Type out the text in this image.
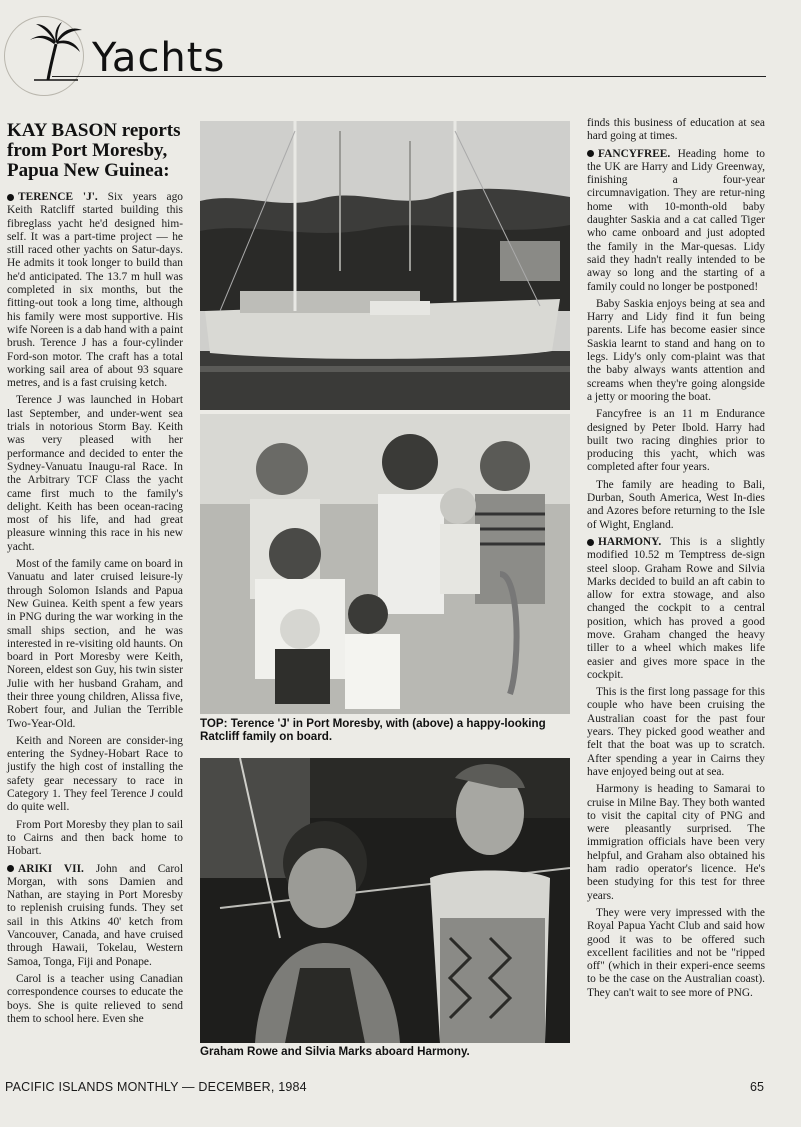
Yachts
KAY BASON reports from Port Moresby, Papua New Guinea:

TERENCE 'J'. Six years ago Keith Ratcliff started building this fibreglass yacht he'd designed him-self. It was a part-time project — he still raced other yachts on Satur-days. He admits it took longer to build than he'd anticipated. The 13.7 m hull was completed in six months, but the fitting-out took a long time, although his family were most supportive. His wife Noreen is a dab hand with a paint brush. Terence J has a four-cylinder Ford-son motor. The craft has a total working sail area of about 93 square metres, and is a fast cruising ketch.

Terence J was launched in Hobart last September, and under-went sea trials in notorious Storm Bay. Keith was very pleased with her performance and decided to enter the Sydney-Vanuatu Inaugu-ral Race. In the Arbitrary TCF Class the yacht came first much to the family's delight. Keith has been ocean-racing most of his life, and had great pleasure winning this race in his new yacht.

Most of the family came on board in Vanuatu and later cruised leisure-ly through Solomon Islands and Papua New Guinea. Keith spent a few years in PNG during the war working in the small ships section, and he was interested in re-visiting old haunts. On board in Port Moresby were Keith, Noreen, eldest son Guy, his twin sister Julie with her husband Graham, and their three young children, Alissa five, Robert four, and Julian the Terrible Two-Year-Old.

Keith and Noreen are consider-ing entering the Sydney-Hobart Race to justify the high cost of installing the safety gear necessary to race in Category 1. They feel Terence J could do quite well.

From Port Moresby they plan to sail to Cairns and then back home to Hobart.

ARIKI VII. John and Carol Morgan, with sons Damien and Nathan, are staying in Port Moresby to replenish cruising funds. They set sail in this Atkins 40' ketch from Vancouver, Canada, and have cruised through Hawaii, Tokelau, Western Samoa, Tonga, Fiji and Ponape.

Carol is a teacher using Canadian correspondence courses to educate the boys. She is quite relieved to send them to school here. Even she

TOP: Terence 'J' in Port Moresby, with (above) a happy-looking Ratcliff family on board.
Graham Rowe and Silvia Marks aboard Harmony.

finds this business of education at sea hard going at times.

FANCYFREE. Heading home to the UK are Harry and Lidy Greenway, finishing a four-year circumnavigation. They are retur-ning home with 10-month-old baby daughter Saskia and a cat called Tiger who came onboard and just adopted the family in the Mar-quesas. Lidy said they hadn't really intended to be away so long and the starting of a family could no longer be postponed!

Baby Saskia enjoys being at sea and Harry and Lidy find it fun being parents. Life has become easier since Saskia learnt to stand and hang on to legs. Lidy's only com-plaint was that the baby always wants attention and screams when they're going alongside a jetty or mooring the boat.

Fancyfree is an 11 m Endurance designed by Peter Ibold. Harry had built two racing dinghies prior to producing this yacht, which was completed after four years.

The family are heading to Bali, Durban, South America, West In-dies and Azores before returning to the Isle of Wight, England.

HARMONY. This is a slightly modified 10.52 m Temptress de-sign steel sloop. Graham Rowe and Silvia Marks decided to build an aft cabin to allow for extra stowage, and also changed the cockpit to a central position, which has proved a good move. Graham changed the heavy tiller to a wheel which makes life easier and gives more space in the cockpit.

This is the first long passage for this couple who have been cruising the Australian coast for the past four years. They picked good weather and felt that the boat was up to scratch. After spending a year in Cairns they have enjoyed being out at sea.

Harmony is heading to Samarai to cruise in Milne Bay. They both wanted to visit the capital city of PNG and were pleasantly surprised. The immigration officials have been very helpful, and Graham also obtained his ham radio operator's licence. He's been studying for this test for three years.

They were very impressed with the Royal Papua Yacht Club and said how good it was to be offered such excellent facilities and not be "ripped off" (which in their experi-ence seems to be the case on the Australian coast). They can't wait to see more of PNG.

PACIFIC ISLANDS MONTHLY — DECEMBER, 1984	65
